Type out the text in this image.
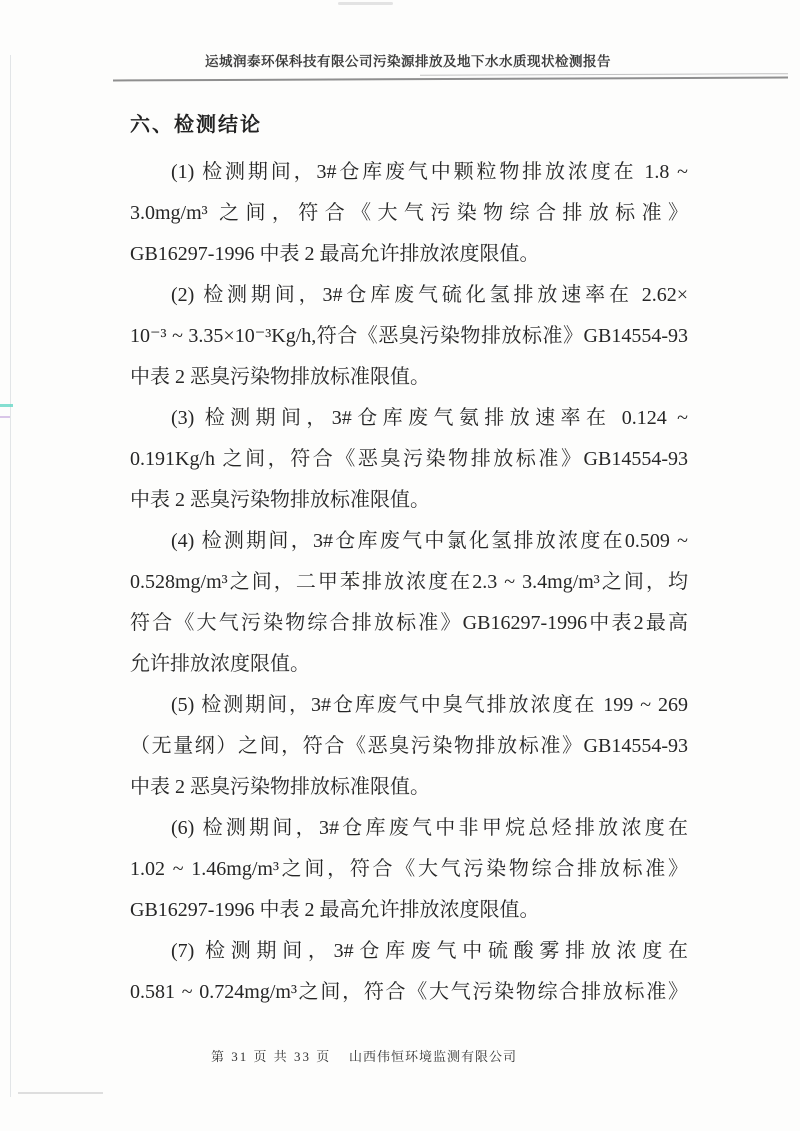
运城润泰环保科技有限公司污染源排放及地下水水质现状检测报告
六、检测结论
(1) 检测期间，3#仓库废气中颗粒物排放浓度在 1.8 ~
3.0mg/m³ 之间，符合《大气污染物综合排放标准》
GB16297-1996 中表 2 最高允许排放浓度限值。
(2) 检测期间，3#仓库废气硫化氢排放速率在 2.62×
10⁻³ ~ 3.35×10⁻³Kg/h,符合《恶臭污染物排放标准》GB14554-93
中表 2 恶臭污染物排放标准限值。
(3) 检测期间，3#仓库废气氨排放速率在 0.124 ~
0.191Kg/h 之间，符合《恶臭污染物排放标准》GB14554-93
中表 2 恶臭污染物排放标准限值。
(4) 检测期间，3#仓库废气中氯化氢排放浓度在0.509 ~
0.528mg/m³之间，二甲苯排放浓度在2.3 ~ 3.4mg/m³之间，均
符合《大气污染物综合排放标准》GB16297-1996中表2最高
允许排放浓度限值。
(5) 检测期间，3#仓库废气中臭气排放浓度在 199 ~ 269
（无量纲）之间，符合《恶臭污染物排放标准》GB14554-93
中表 2 恶臭污染物排放标准限值。
(6) 检测期间，3#仓库废气中非甲烷总烃排放浓度在
1.02 ~ 1.46mg/m³之间，符合《大气污染物综合排放标准》
GB16297-1996 中表 2 最高允许排放浓度限值。
(7) 检测期间，3#仓库废气中硫酸雾排放浓度在
0.581 ~ 0.724mg/m³之间，符合《大气污染物综合排放标准》
第 31 页 共 33 页 山西伟恒环境监测有限公司
